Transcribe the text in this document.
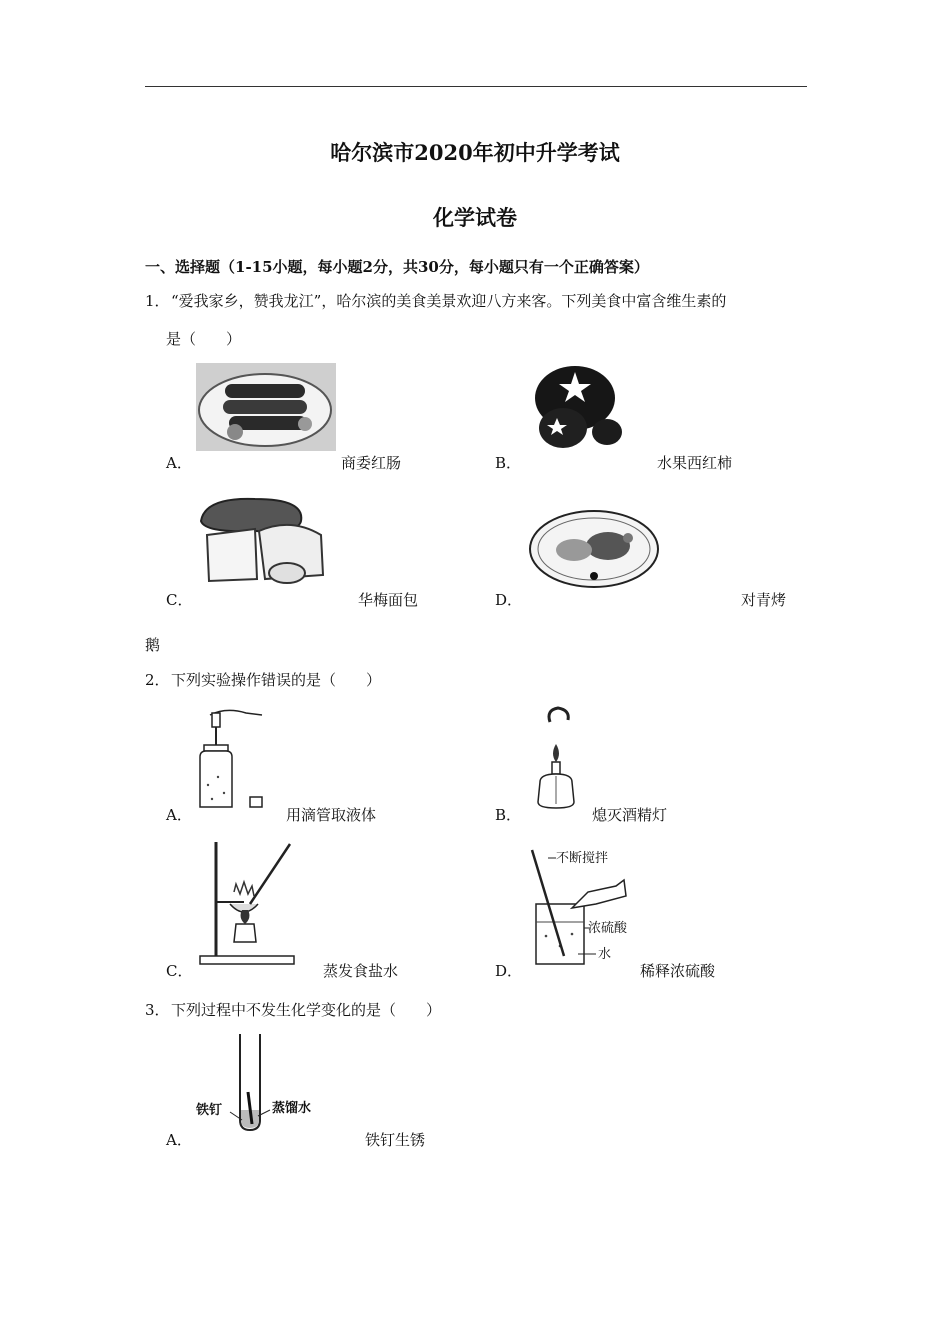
哈尔滨市2020年初中升学考试
化学试卷
一、选择题（1-15小题，每小题2分，共30分，每小题只有一个正确答案）
1． “爱我家乡，赞我龙江”，哈尔滨的美食美景欢迎八方来客。下列美食中富含维生素的
是（　　）
A．	商委红肠	B．	水果西红柿
C．	华梅面包	D．	对青烤
鹅
2． 下列实验操作错误的是（　　）
A．	用滴管取液体	B．	熄灭酒精灯
C．	蒸发食盐水
不断搅拌
浓硫酸
水
D．	稀释浓硫酸
3． 下列过程中不发生化学变化的是（　　）
铁钉	蒸馏水
A．	铁钉生锈
